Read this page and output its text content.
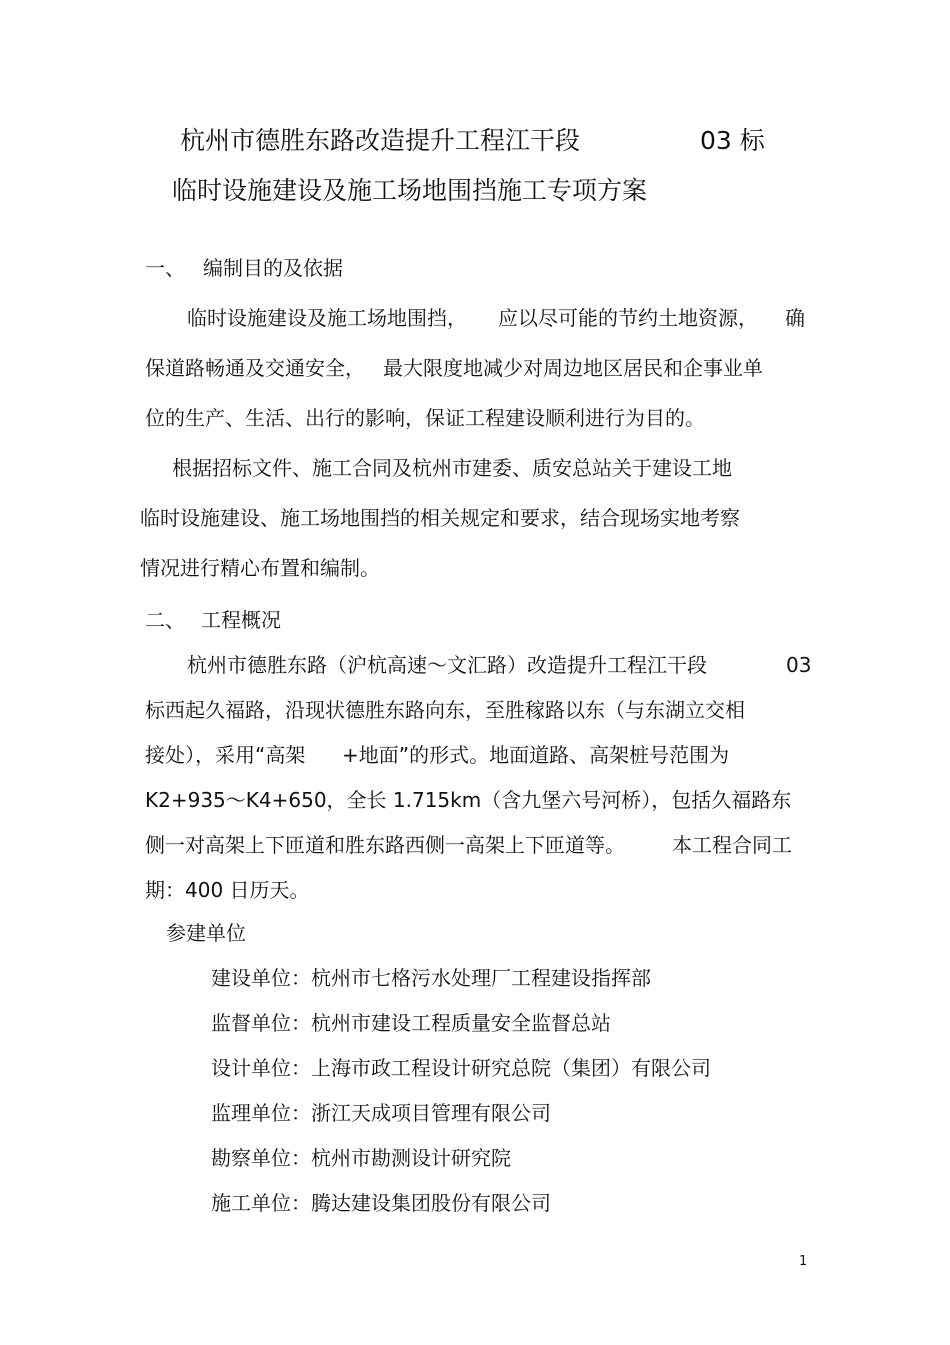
杭州市德胜东路改造提升工程江干段	03 标
临时设施建设及施工场地围挡施工专项方案
一、 编制目的及依据
临时设施建设及施工场地围挡， 应以尽可能的节约土地资源， 确
保道路畅通及交通安全， 最大限度地减少对周边地区居民和企事业单
位的生产、生活、出行的影响，保证工程建设顺利进行为目的。
根据招标文件、施工合同及杭州市建委、质安总站关于建设工地
临时设施建设、施工场地围挡的相关规定和要求，结合现场实地考察
情况进行精心布置和编制。
二、 工程概况
杭州市德胜东路（沪杭高速～文汇路）改造提升工程江干段	03
标西起久福路，沿现状德胜东路向东，至胜稼路以东（与东湖立交相
接处），采用“高架 +地面”的形式。地面道路、高架桩号范围为
K2+935～K4+650，全长 1.715km（含九堡六号河桥），包括久福路东
侧一对高架上下匝道和胜东路西侧一高架上下匝道等。 本工程合同工
期：400 日历天。
参建单位
建设单位：杭州市七格污水处理厂工程建设指挥部
监督单位：杭州市建设工程质量安全监督总站
设计单位：上海市政工程设计研究总院（集团）有限公司
监理单位：浙江天成项目管理有限公司
勘察单位：杭州市勘测设计研究院
施工单位：腾达建设集团股份有限公司
1
